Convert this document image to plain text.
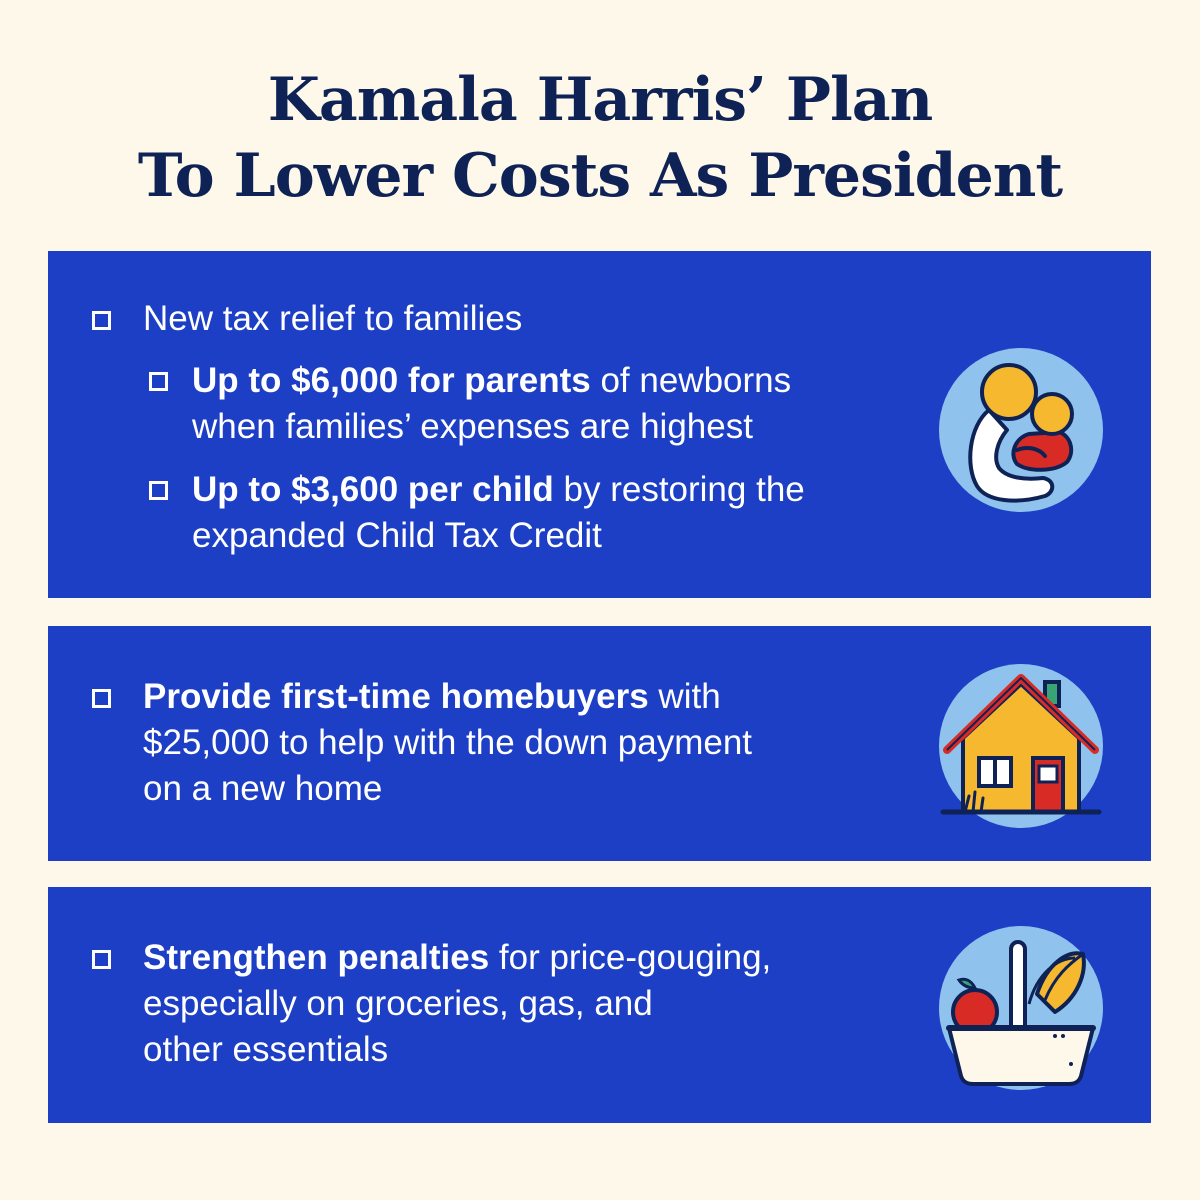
Kamala Harris’ Plan
To Lower Costs As President
New tax relief to families
Up to $6,000 for parents of newborns
when families’ expenses are highest
Up to $3,600 per child by restoring the
expanded Child Tax Credit
Provide first-time homebuyers with
$25,000 to help with the down payment
on a new home
Strengthen penalties for price-gouging,
especially on groceries, gas, and
other essentials
